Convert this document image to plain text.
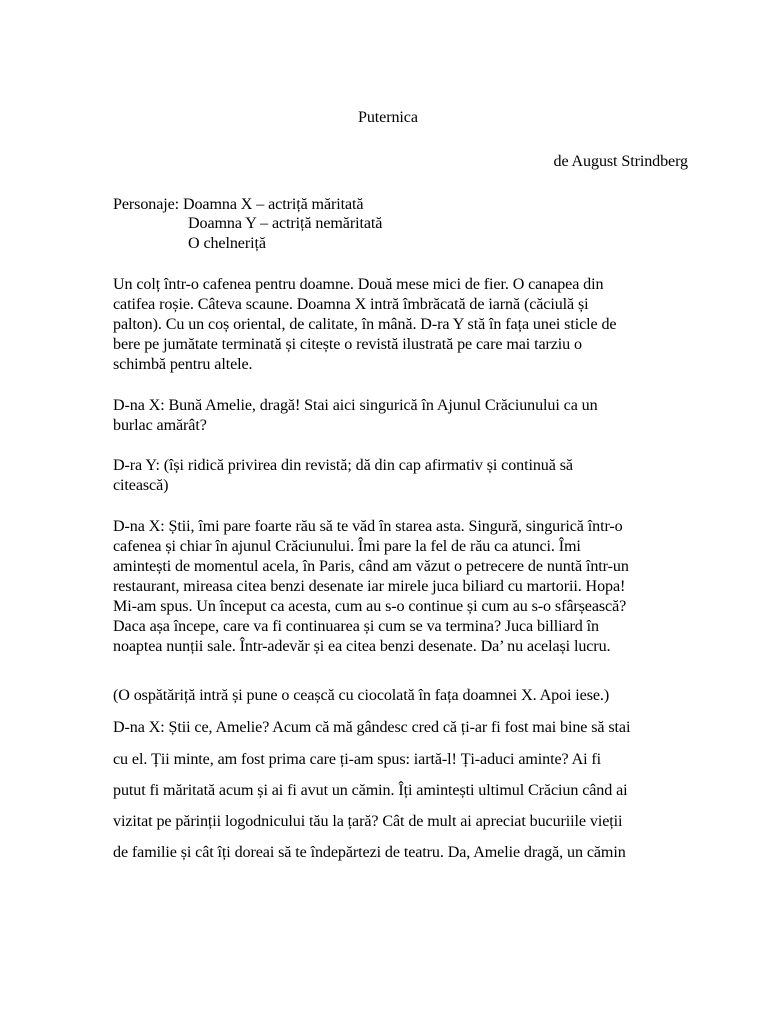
Puternica
de August Strindberg
Personaje: Doamna X – actriță măritată
Doamna Y – actriță nemăritată
O chelneriță
Un colț într-o cafenea pentru doamne. Două mese mici de fier. O canapea din
catifea roșie. Câteva scaune. Doamna X intră îmbrăcată de iarnă (căciulă și
palton). Cu un coș oriental, de calitate, în mână. D-ra Y stă în fața unei sticle de
bere pe jumătate terminată și citește o revistă ilustrată pe care mai tarziu o
schimbă pentru altele.
D-na X: Bună Amelie, dragă! Stai aici singurică în Ajunul Crăciunului ca un
burlac amărât?
D-ra Y: (își ridică privirea din revistă; dă din cap afirmativ și continuă să
citească)
D-na X: Știi, îmi pare foarte rău să te văd în starea asta. Singură, singurică într-o
cafenea și chiar în ajunul Crăciunului. Îmi pare la fel de rău ca atunci. Îmi
amintești de momentul acela, în Paris, când am văzut o petrecere de nuntă într-un
restaurant, mireasa citea benzi desenate iar mirele juca biliard cu martorii. Hopa!
Mi-am spus. Un început ca acesta, cum au s-o continue și cum au s-o sfârșească?
Daca așa începe, care va fi continuarea și cum se va termina? Juca billiard în
noaptea nunții sale. Într-adevăr și ea citea benzi desenate. Da’ nu același lucru.
(O ospătăriță intră și pune o ceașcă cu ciocolată în fața doamnei X. Apoi iese.)
D-na X: Știi ce, Amelie? Acum că mă gândesc cred că ți-ar fi fost mai bine să stai
cu el. Ții minte, am fost prima care ți-am spus: iartă-l! Ți-aduci aminte? Ai fi
putut fi măritată acum și ai fi avut un cămin. Îți amintești ultimul Crăciun când ai
vizitat pe părinții logodnicului tău la țară? Cât de mult ai apreciat bucuriile vieții
de familie și cât îți doreai să te îndepărtezi de teatru. Da, Amelie dragă, un cămin
